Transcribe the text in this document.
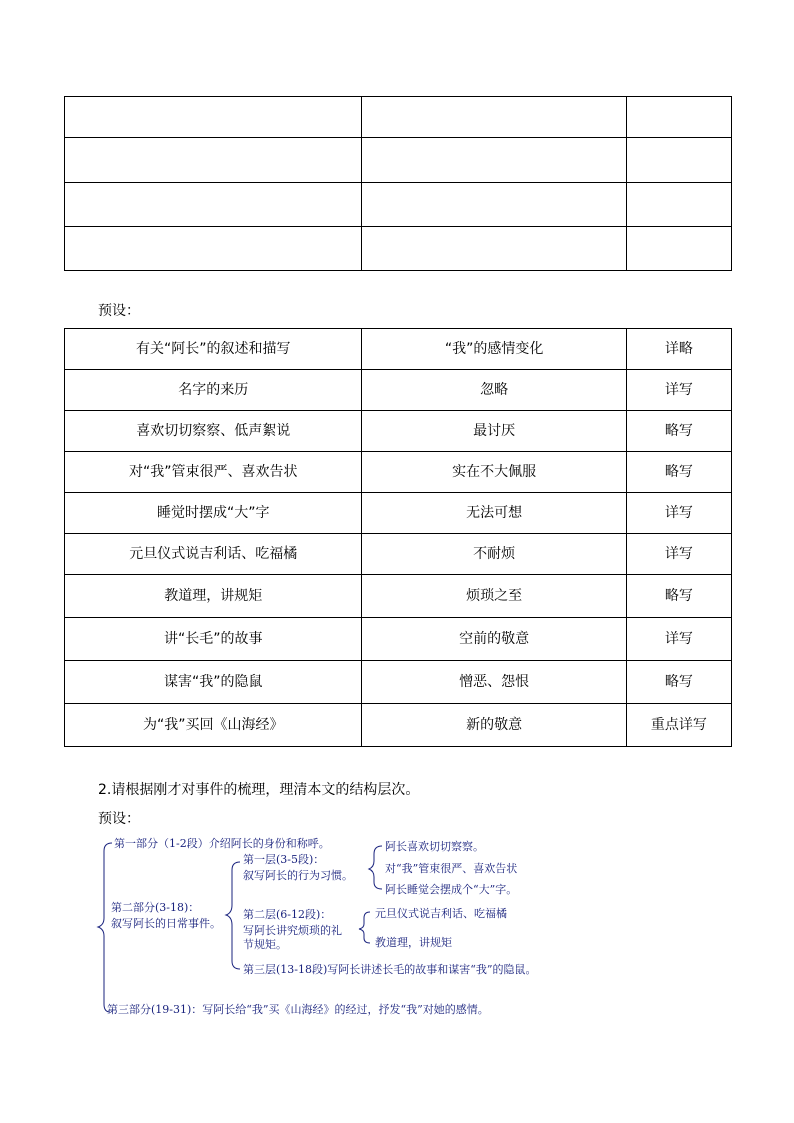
预设：
有关“阿长”的叙述和描写	“我”的感情变化	详略
名字的来历	忽略	详写
喜欢切切察察、低声絮说	最讨厌	略写
对“我”管束很严、喜欢告状	实在不大佩服	略写
睡觉时摆成“大”字	无法可想	详写
元旦仪式说吉利话、吃福橘	不耐烦	详写
教道理，讲规矩	烦琐之至	略写
讲“长毛”的故事	空前的敬意	详写
谋害“我”的隐鼠	憎恶、怨恨	略写
为“我”买回《山海经》	新的敬意	重点详写
2.请根据刚才对事件的梳理，理清本文的结构层次。
预设：
第一部分（1-2段）介绍阿长的身份和称呼。
第二部分(3-18)：
叙写阿长的日常事件。
第一层(3-5段)：
叙写阿长的行为习惯。
阿长喜欢切切察察。
对“我”管束很严、喜欢告状
阿长睡觉会摆成个“大”字。
第二层(6-12段)：
写阿长讲究烦琐的礼节规矩。
元旦仪式说吉利话、吃福橘
教道理，讲规矩
第三层(13-18段)写阿长讲述长毛的故事和谋害“我”的隐鼠。
第三部分(19-31)：写阿长给“我”买《山海经》的经过，抒发“我”对她的感情。
